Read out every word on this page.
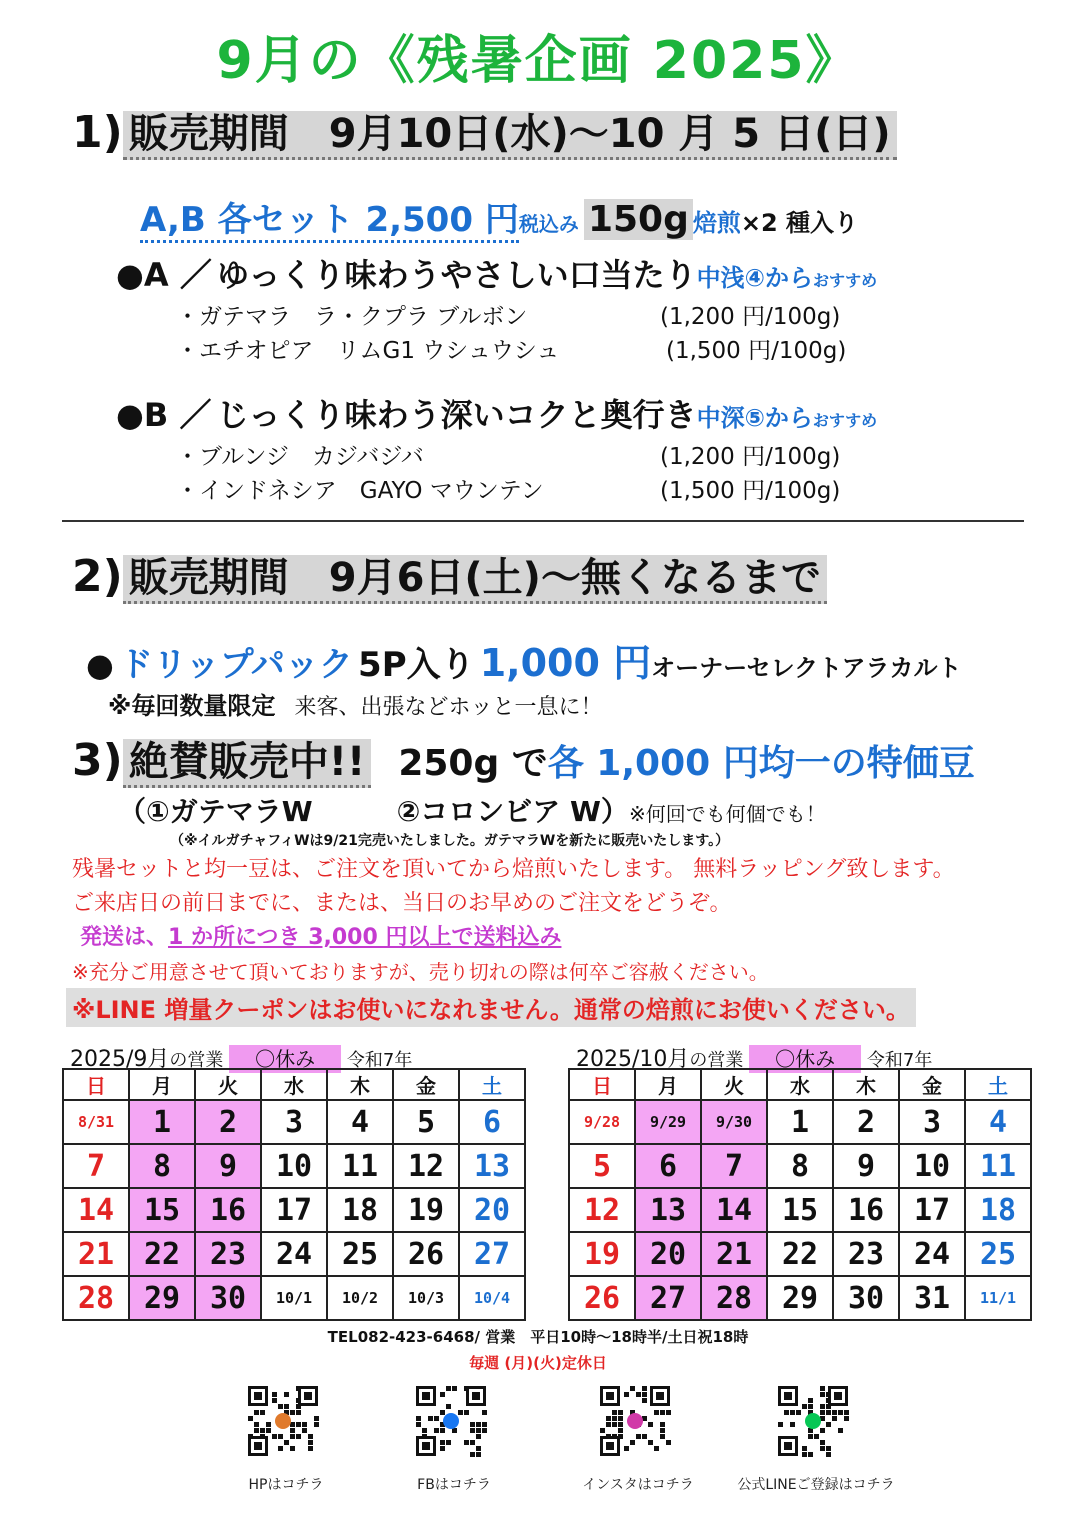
9月の《残暑企画 2025》
1) 販売期間　9月10日(水)～10 月 5 日(日)
A,B 各セット 2,500 円税込み 150g 焙煎×2 種入り
●A ／ ゆっくり味わうやさしい口当たり中浅④からおすすめ
・ガテマラ　ラ・クプラ ブルボン	(1,200 円/100g)
・エチオピア　リムG1 ウシュウシュ	(1,500 円/100g)
●B ／ じっくり味わう深いコクと奥行き中深⑤からおすすめ
・ブルンジ　カジバジバ	(1,200 円/100g)
・インドネシア　GAYO マウンテン	(1,500 円/100g)
2) 販売期間　9月6日(土)～無くなるまで
● ドリップパック 5P入り 1,000 円オーナーセレクトアラカルト
※毎回数量限定 来客、出張などホッと一息に！
3) 絶賛販売中!! 250g で各 1,000 円均一の特価豆
（①ガテマラW　　　②コロンビア W）※何回でも何個でも！
（※イルガチャフィWは9/21完売いたしました。ガテマラWを新たに販売いたします。）
残暑セットと均一豆は、ご注文を頂いてから焙煎いたします。 無料ラッピング致します。
ご来店日の前日までに、または、当日のお早めのご注文をどうぞ。
発送は、1 か所につき 3,000 円以上で送料込み
※充分ご用意させて頂いておりますが、売り切れの際は何卒ご容赦ください。
※LINE 増量クーポンはお使いになれません。通常の焙煎にお使いください。
2025/9月の営業 〇休み 令和7年
日	月	火	水	木	金	土
8/31	1	2	3	4	5	6
7	8	9	10	11	12	13
14	15	16	17	18	19	20
21	22	23	24	25	26	27
28	29	30	10/1	10/2	10/3	10/4
2025/10月の営業 〇休み 令和7年
日	月	火	水	木	金	土
9/28	9/29	9/30	1	2	3	4
5	6	7	8	9	10	11
12	13	14	15	16	17	18
19	20	21	22	23	24	25
26	27	28	29	30	31	11/1
TEL082-423-6468/ 営業　平日10時～18時半/土日祝18時
毎週 (月)(火)定休日
HPはコチラ	FBはコチラ	インスタはコチラ	公式LINEご登録はコチラ
